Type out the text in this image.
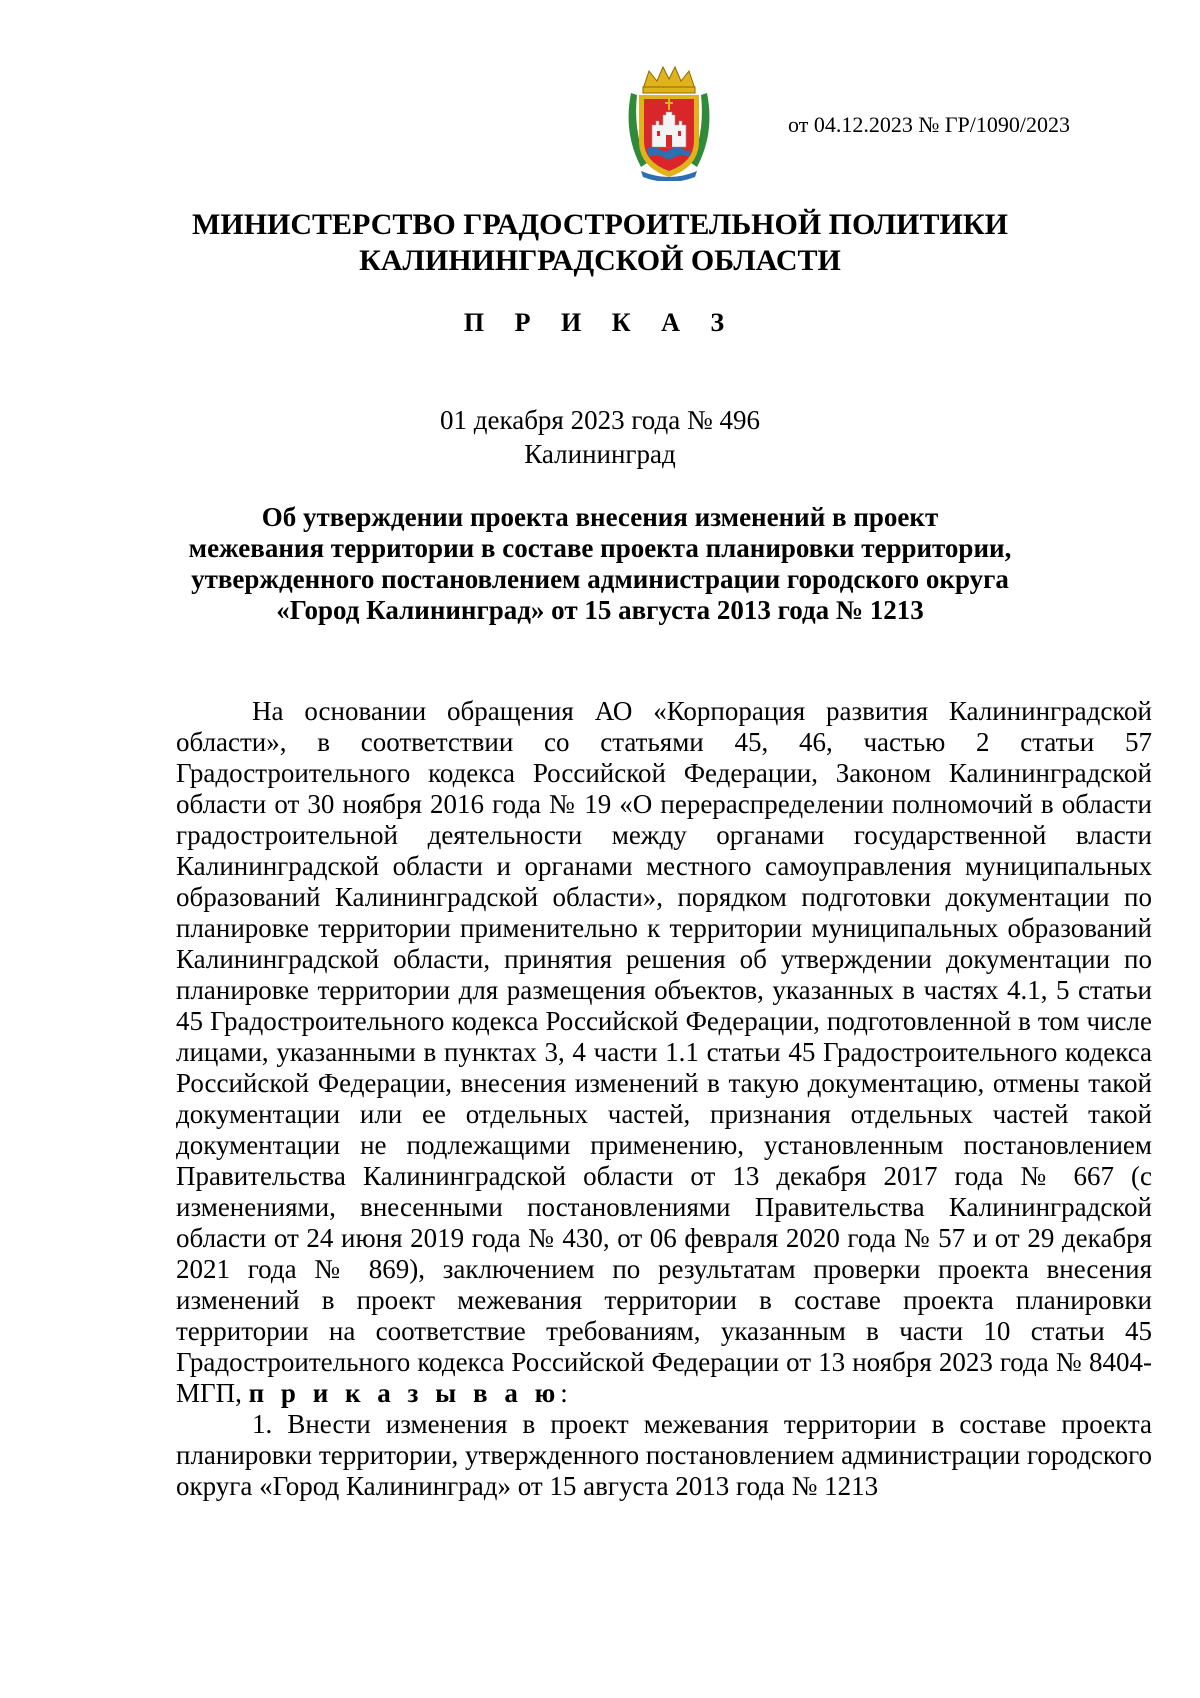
от 04.12.2023 № ГР/1090/2023
МИНИСТЕРСТВО ГРАДОСТРОИТЕЛЬНОЙ ПОЛИТИКИ
КАЛИНИНГРАДСКОЙ ОБЛАСТИ
П Р И К А З
01 декабря 2023 года № 496
Калининград
Об утверждении проекта внесения изменений в проект
межевания территории в составе проекта планировки территории,
утвержденного постановлением администрации городского округа
«Город Калининград» от 15 августа 2013 года № 1213

На основании обращения АО «Корпорация развития Калининградской области», в соответствии со статьями 45, 46, частью 2 статьи 57 Градостроительного кодекса Российской Федерации, Законом Калининградской области от 30 ноября 2016 года № 19 «О перераспределении полномочий в области градостроительной деятельности между органами государственной власти Калининградской области и органами местного самоуправления муниципальных образований Калининградской области», порядком подготовки документации по планировке территории применительно к территории муниципальных образований Калининградской области, принятия решения об утверждении документации по планировке территории для размещения объектов, указанных в частях 4.1, 5 статьи 45 Градостроительного кодекса Российской Федерации, подготовленной в том числе лицами, указанными в пунктах 3, 4 части 1.1 статьи 45 Градостроительного кодекса Российской Федерации, внесения изменений в такую документацию, отмены такой документации или ее отдельных частей, признания отдельных частей такой документации не подлежащими применению, установленным постановлением Правительства Калининградской области от 13 декабря 2017 года № 667 (с изменениями, внесенными постановлениями Правительства Калининградской области от 24 июня 2019 года № 430, от 06 февраля 2020 года № 57 и от 29 декабря 2021 года № 869), заключением по результатам проверки проекта внесения изменений в проект межевания территории в составе проекта планировки территории на соответствие требованиям, указанным в части 10 статьи 45 Градостроительного кодекса Российской Федерации от 13 ноября 2023 года № 8404-МГП, п р и к а з ы в а ю:

1. Внести изменения в проект межевания территории в составе проекта планировки территории, утвержденного постановлением администрации городского округа «Город Калининград» от 15 августа 2013 года № 1213
